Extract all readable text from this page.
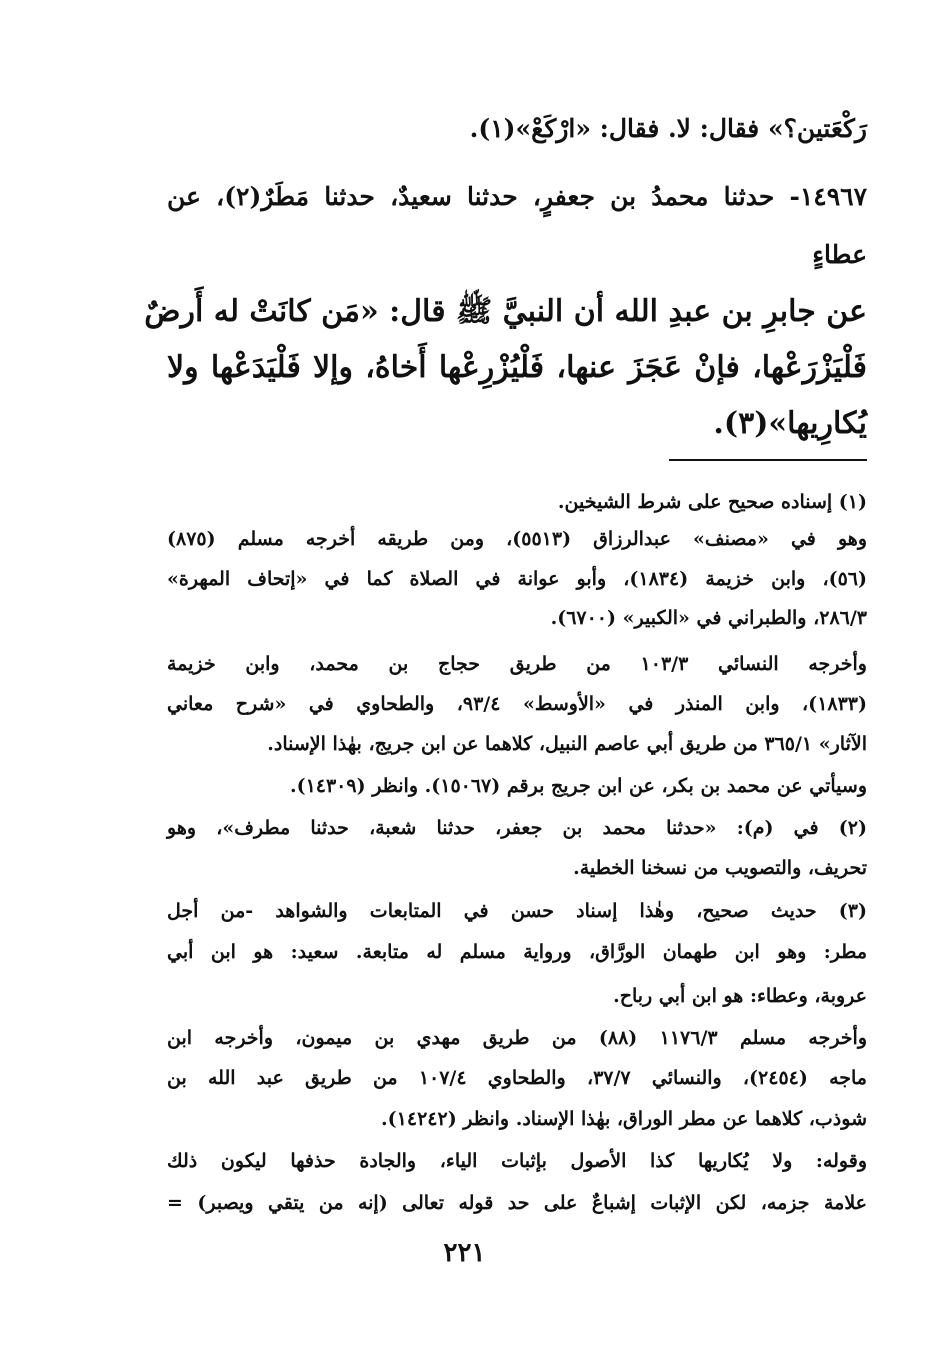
رَكْعَتين؟» فقال: لا. فقال: «ارْكَعْ»(١).
١٤٩٦٧- حدثنا محمدُ بن جعفرٍ، حدثنا سعيدٌ، حدثنا مَطَرٌ(٢)، عن
عطاءٍ
عن جابرِ بن عبدِ الله أن النبيَّ ﷺ قال: «مَن كانَتْ له أَرضٌ
فَلْيَزْرَعْها، فإنْ عَجَزَ عنها، فَلْيُزْرِعْها أَخاهُ، وإلا فَلْيَدَعْها ولا
يُكارِيها»(٣).
(١) إسناده صحيح على شرط الشيخين.
وهو في «مصنف» عبدالرزاق (٥٥١٣)، ومن طريقه أخرجه مسلم (٨٧٥)
(٥٦)، وابن خزيمة (١٨٣٤)، وأبو عوانة في الصلاة كما في «إتحاف المهرة»
٢٨٦/٣، والطبراني في «الكبير» (٦٧٠٠).
وأخرجه النسائي ١٠٣/٣ من طريق حجاج بن محمد، وابن خزيمة
(١٨٣٣)، وابن المنذر في «الأوسط» ٩٣/٤، والطحاوي في «شرح معاني
الآثار» ٣٦٥/١ من طريق أبي عاصم النبيل، كلاهما عن ابن جريج، بهٰذا الإسناد.
وسيأتي عن محمد بن بكر، عن ابن جريج برقم (١٥٠٦٧). وانظر (١٤٣٠٩).
(٢) في (م): «حدثنا محمد بن جعفر، حدثنا شعبة، حدثنا مطرف»، وهو
تحريف، والتصويب من نسخنا الخطية.
(٣) حديث صحيح، وهٰذا إسناد حسن في المتابعات والشواهد -من أجل
مطر: وهو ابن طهمان الورَّاق، ورواية مسلم له متابعة. سعيد: هو ابن أبي
عروبة، وعطاء: هو ابن أبي رباح.
وأخرجه مسلم ١١٧٦/٣ (٨٨) من طريق مهدي بن ميمون، وأخرجه ابن
ماجه (٢٤٥٤)، والنسائي ٣٧/٧، والطحاوي ١٠٧/٤ من طريق عبد الله بن
شوذب، كلاهما عن مطر الوراق، بهٰذا الإسناد. وانظر (١٤٢٤٢).
وقوله: ولا يُكاريها كذا الأصول بإثبات الياء، والجادة حذفها ليكون ذلك
علامة جزمه، لكن الإثبات إشباعٌ على حد قوله تعالى (إنه من يتقي ويصبر) =
٢٢١
